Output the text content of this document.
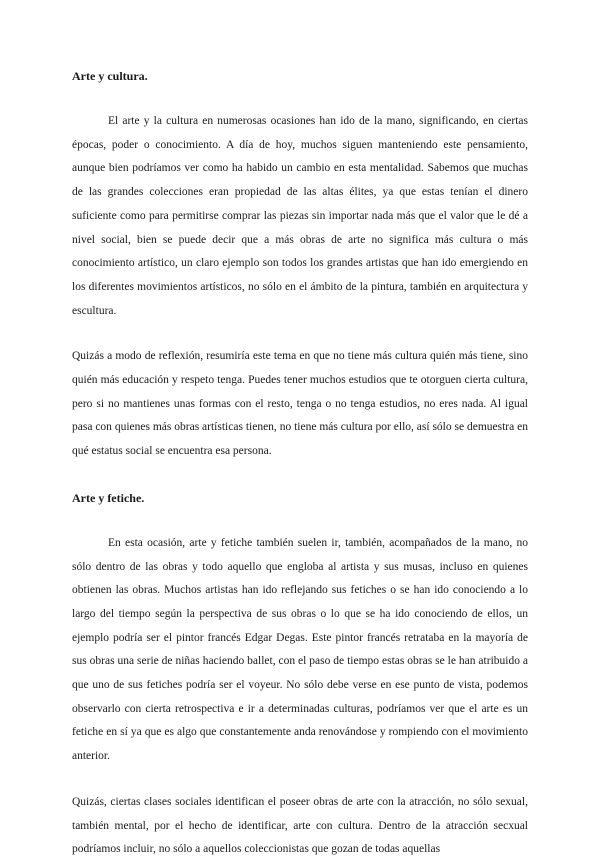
Arte y cultura.

El arte y la cultura en numerosas ocasiones han ido de la mano, significando, en ciertas épocas, poder o conocimiento. A día de hoy, muchos siguen manteniendo este pensamiento, aunque bien podríamos ver como ha habido un cambio en esta mentalidad. Sabemos que muchas de las grandes colecciones eran propiedad de las altas élites, ya que estas tenían el dinero suficiente como para permitirse comprar las piezas sin importar nada más que el valor que le dé a nivel social, bien se puede decir que a más obras de arte no significa más cultura o más conocimiento artístico, un claro ejemplo son todos los grandes artistas que han ido emergiendo en los diferentes movimientos artísticos, no sólo en el ámbito de la pintura, también en arquitectura y escultura.

Quizás a modo de reflexión, resumiría este tema en que no tiene más cultura quién más tiene, sino quién más educación y respeto tenga. Puedes tener muchos estudios que te otorguen cierta cultura, pero si no mantienes unas formas con el resto, tenga o no tenga estudios, no eres nada. Al igual pasa con quienes más obras artísticas tienen, no tiene más cultura por ello, así sólo se demuestra en qué estatus social se encuentra esa persona.

Arte y fetiche.

En esta ocasión, arte y fetiche también suelen ir, también, acompañados de la mano, no sólo dentro de las obras y todo aquello que engloba al artista y sus musas, incluso en quienes obtienen las obras. Muchos artistas han ido reflejando sus fetiches o se han ido conociendo a lo largo del tiempo según la perspectiva de sus obras o lo que se ha ido conociendo de ellos, un ejemplo podría ser el pintor francés Edgar Degas. Este pintor francés retrataba en la mayoría de sus obras una serie de niñas haciendo ballet, con el paso de tiempo estas obras se le han atribuido a que uno de sus fetiches podría ser el voyeur. No sólo debe verse en ese punto de vista, podemos observarlo con cierta retrospectiva e ir a determinadas culturas, podríamos ver que el arte es un fetiche en sí ya que es algo que constantemente anda renovándose y rompiendo con el movimiento anterior.

Quizás, ciertas clases sociales identifican el poseer obras de arte con la atracción, no sólo sexual, también mental, por el hecho de identificar, arte con cultura. Dentro de la atracción secxual podríamos incluir, no sólo a aquellos coleccionistas que gozan de todas aquellas
